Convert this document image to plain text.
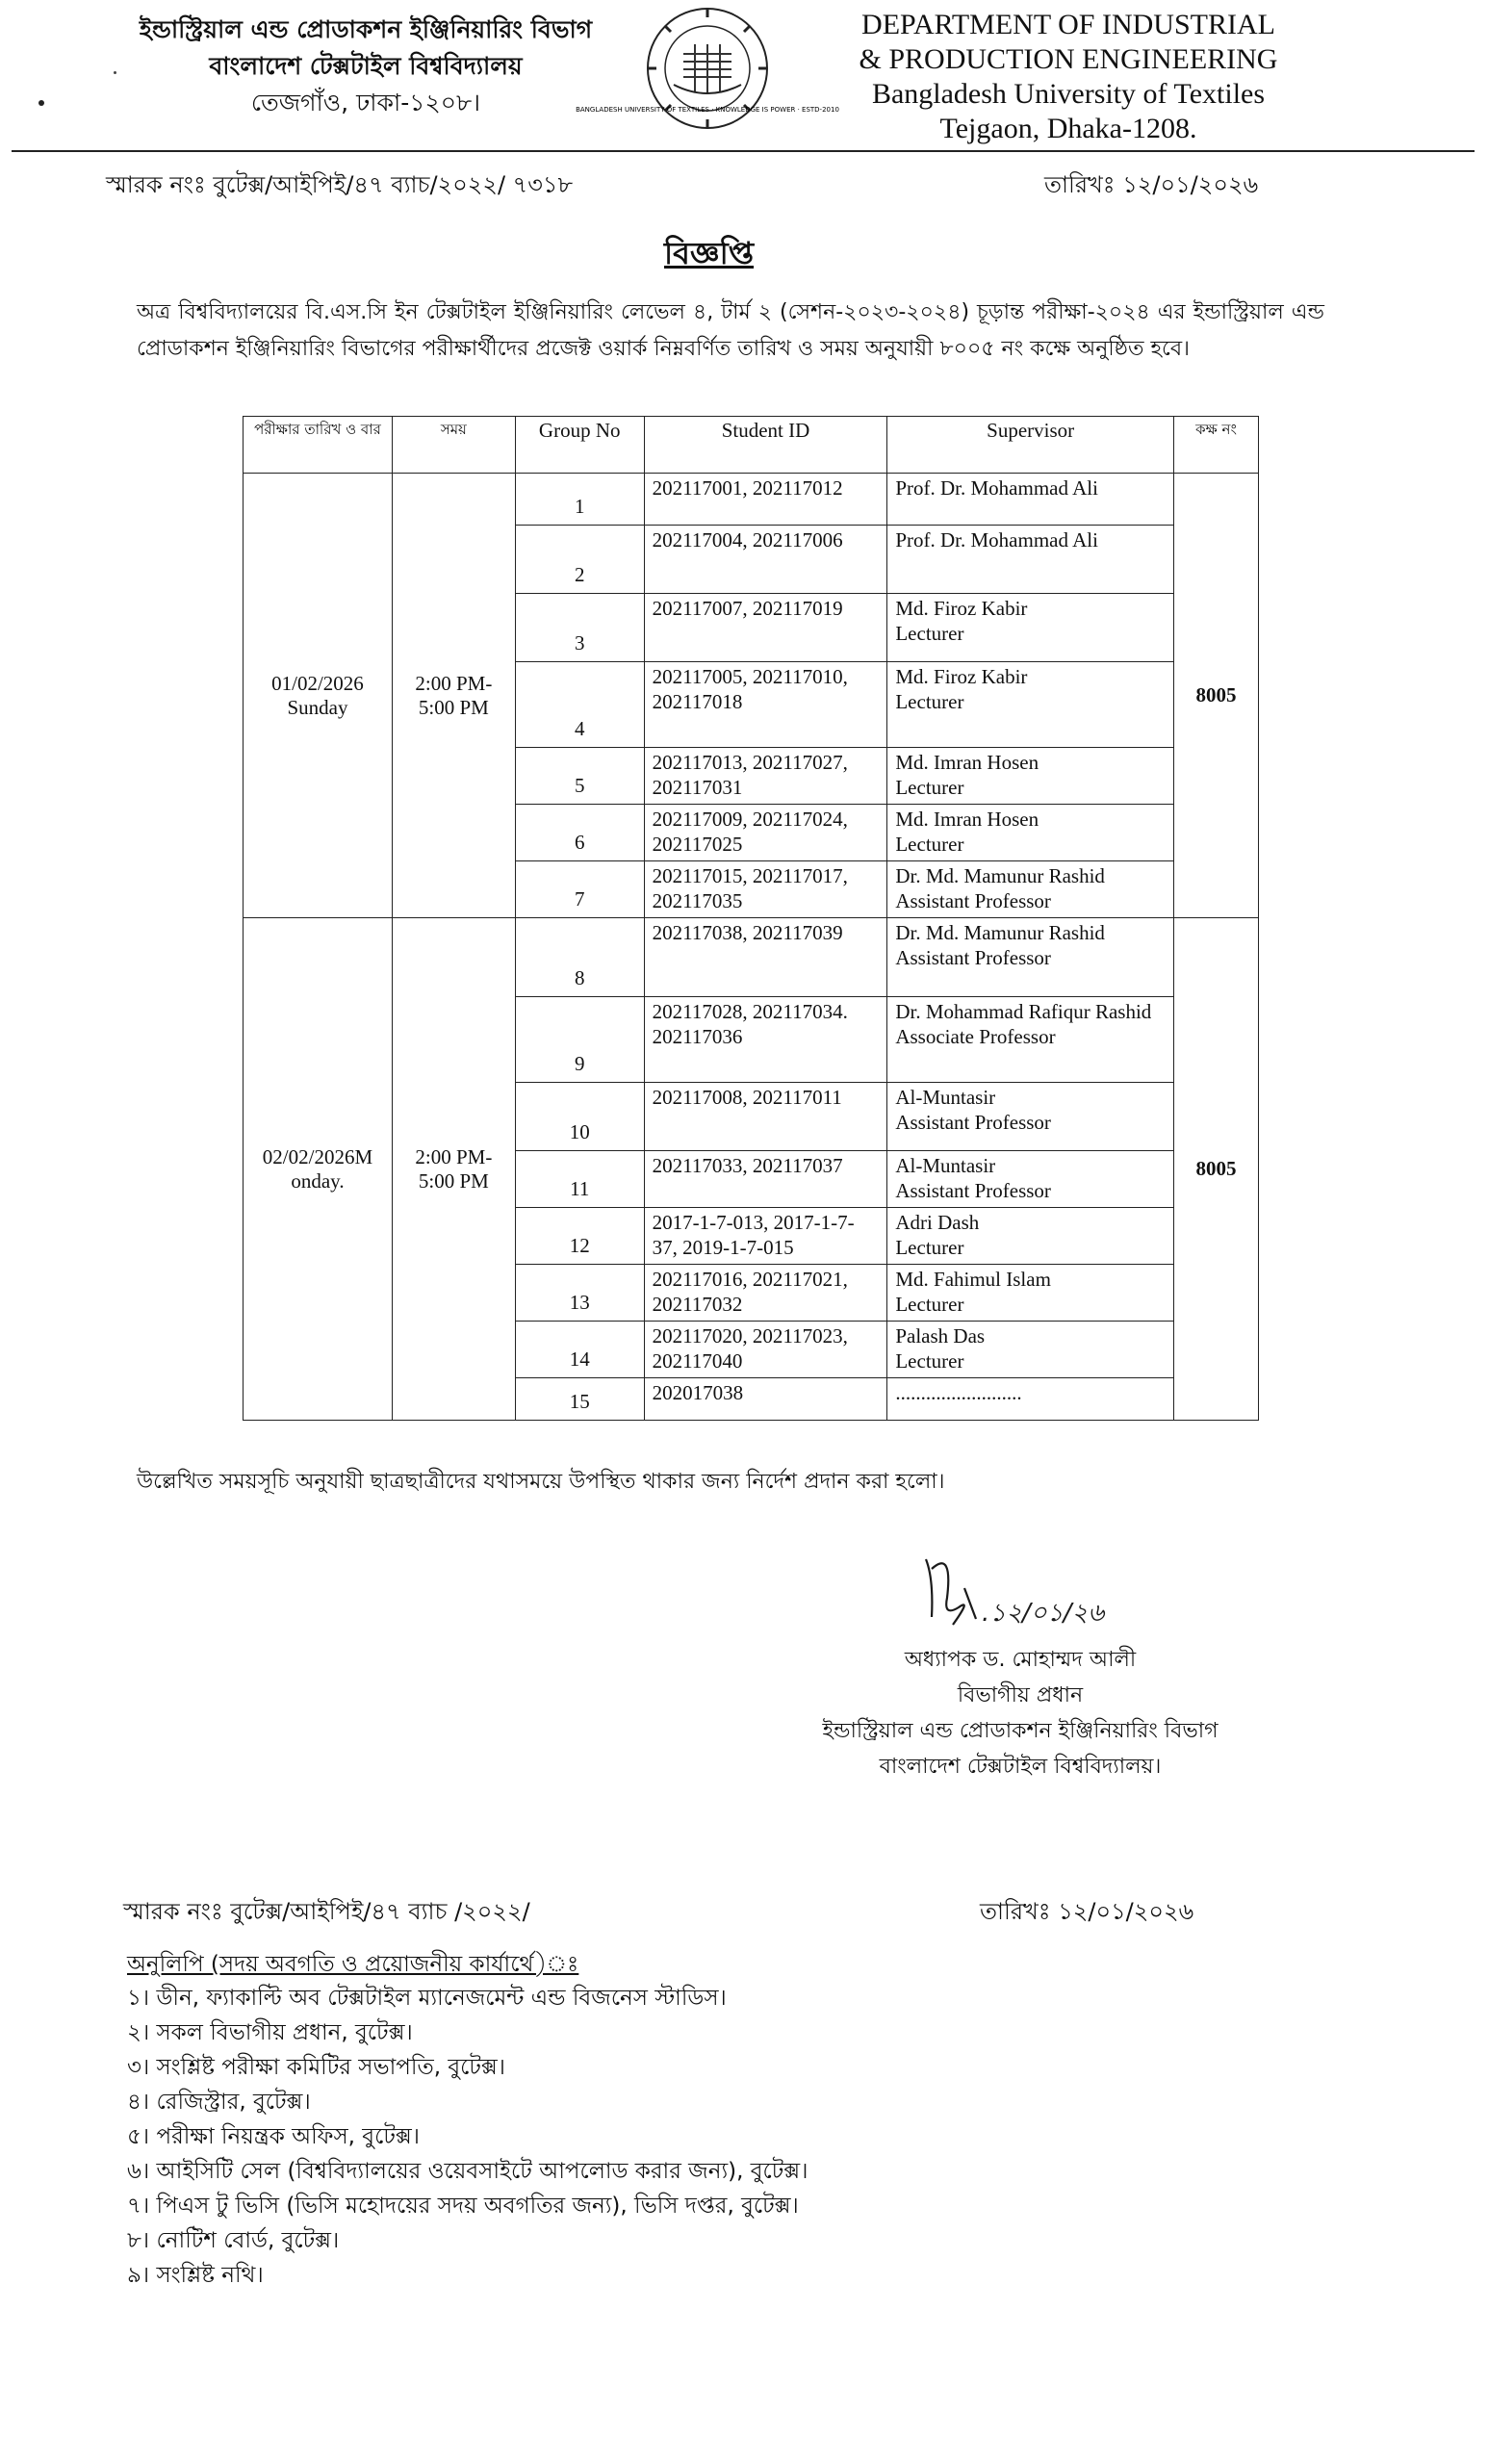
ইন্ডাস্ট্রিয়াল এন্ড প্রোডাকশন ইঞ্জিনিয়ারিং বিভাগ
বাংলাদেশ টেক্সটাইল বিশ্ববিদ্যালয়
তেজগাঁও, ঢাকা-১২০৮।	BANGLADESH UNIVERSITY OF TEXTILES · KNOWLEDGE IS POWER · ESTD-2010
DEPARTMENT OF INDUSTRIAL
& PRODUCTION ENGINEERING
Bangladesh University of Textiles
Tejgaon, Dhaka-1208.
স্মারক নংঃ বুটেক্স/আইপিই/৪৭ ব্যাচ/২০২২/ ৭৩১৮	তারিখঃ ১২/০১/২০২৬
বিজ্ঞপ্তি
অত্র বিশ্ববিদ্যালয়ের বি.এস.সি ইন টেক্সটাইল ইঞ্জিনিয়ারিং লেভেল ৪, টার্ম ২ (সেশন-২০২৩-২০২৪) চূড়ান্ত পরীক্ষা-২০২৪ এর ইন্ডাস্ট্রিয়াল এন্ড প্রোডাকশন ইঞ্জিনিয়ারিং বিভাগের পরীক্ষার্থীদের প্রজেক্ট ওয়ার্ক নিম্নবর্ণিত তারিখ ও সময় অনুযায়ী ৮০০৫ নং কক্ষে অনুষ্ঠিত হবে।
পরীক্ষার তারিখ ও বার	সময়	Group No	Student ID	Supervisor	কক্ষ নং
01/02/2026 Sunday	2:00 PM- 5:00 PM	1	202117001, 202117012	Prof. Dr. Mohammad Ali	8005
		2	202117004, 202117006	Prof. Dr. Mohammad Ali	
		3	202117007, 202117019	Md. Firoz Kabir
Lecturer	
		4	202117005, 202117010, 202117018	Md. Firoz Kabir
Lecturer	
		5	202117013, 202117027, 202117031	Md. Imran Hosen
Lecturer	
		6	202117009, 202117024, 202117025	Md. Imran Hosen
Lecturer	
		7	202117015, 202117017, 202117035	Dr. Md. Mamunur Rashid
Assistant Professor	
02/02/2026M onday.	2:00 PM- 5:00 PM	8	202117038, 202117039	Dr. Md. Mamunur Rashid
Assistant Professor	8005
		9	202117028, 202117034. 202117036	Dr. Mohammad Rafiqur Rashid
Associate Professor	
		10	202117008, 202117011	Al-Muntasir
Assistant Professor	
		11	202117033, 202117037	Al-Muntasir
Assistant Professor	
		12	2017-1-7-013, 2017-1-7-37, 2019-1-7-015	Adri Dash
Lecturer	
		13	202117016, 202117021, 202117032	Md. Fahimul Islam
Lecturer	
		14	202117020, 202117023, 202117040	Palash Das
Lecturer	
		15	202017038	.........................	
উল্লেখিত সময়সূচি অনুযায়ী ছাত্রছাত্রীদের যথাসময়ে উপস্থিত থাকার জন্য নির্দেশ প্রদান করা হলো।
.১২/০১/২৬
অধ্যাপক ড. মোহাম্মদ আলী
বিভাগীয় প্রধান
ইন্ডাস্ট্রিয়াল এন্ড প্রোডাকশন ইঞ্জিনিয়ারিং বিভাগ
বাংলাদেশ টেক্সটাইল বিশ্ববিদ্যালয়।
স্মারক নংঃ বুটেক্স/আইপিই/৪৭ ব্যাচ /২০২২/	তারিখঃ ১২/০১/২০২৬
অনুলিপি (সদয় অবগতি ও প্রয়োজনীয় কার্যার্থে)ঃ
১। ডীন, ফ্যাকাল্টি অব টেক্সটাইল ম্যানেজমেন্ট এন্ড বিজনেস স্টাডিস।
২। সকল বিভাগীয় প্রধান, বুটেক্স।
৩। সংশ্লিষ্ট পরীক্ষা কমিটির সভাপতি, বুটেক্স।
৪। রেজিস্ট্রার, বুটেক্স।
৫। পরীক্ষা নিয়ন্ত্রক অফিস, বুটেক্স।
৬। আইসিটি সেল (বিশ্ববিদ্যালয়ের ওয়েবসাইটে আপলোড করার জন্য), বুটেক্স।
৭। পিএস টু ভিসি (ভিসি মহোদয়ের সদয় অবগতির জন্য), ভিসি দপ্তর, বুটেক্স।
৮। নোটিশ বোর্ড, বুটেক্স।
৯। সংশ্লিষ্ট নথি।
